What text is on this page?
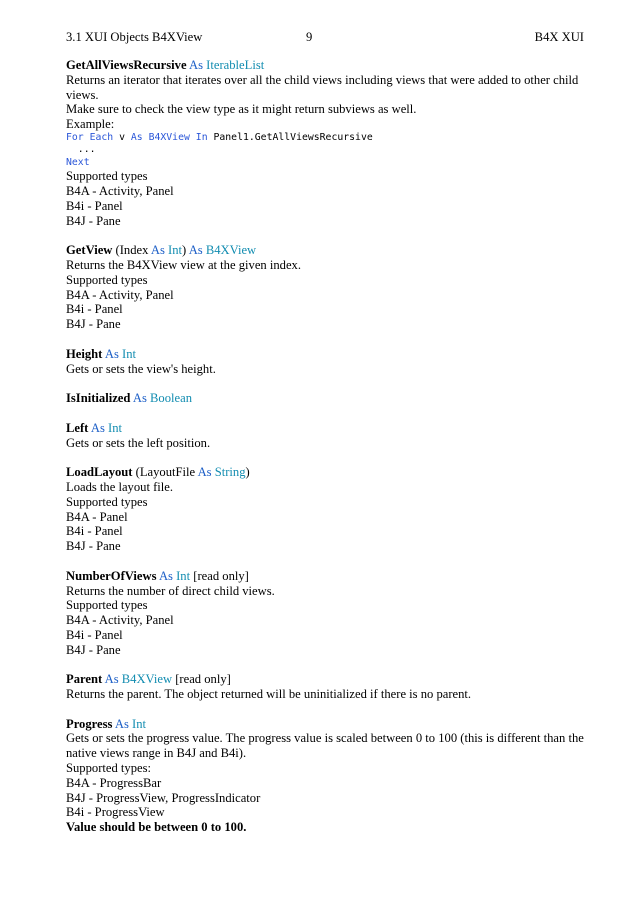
3.1 XUI Objects B4XView	9	B4X XUI
GetAllViewsRecursive As IterableList
Returns an iterator that iterates over all the child views including views that were added to other child views.
Make sure to check the view type as it might return subviews as well.
Example:
For Each v As B4XView In Panel1.GetAllViewsRecursive
...
Next
Supported types
B4A - Activity, Panel
B4i - Panel
B4J - Pane
GetView (Index As Int) As B4XView
Returns the B4XView view at the given index.
Supported types
B4A - Activity, Panel
B4i - Panel
B4J - Pane
Height As Int
Gets or sets the view's height.
IsInitialized As Boolean
Left As Int
Gets or sets the left position.
LoadLayout (LayoutFile As String)
Loads the layout file.
Supported types
B4A - Panel
B4i - Panel
B4J - Pane
NumberOfViews As Int [read only]
Returns the number of direct child views.
Supported types
B4A - Activity, Panel
B4i - Panel
B4J - Pane
Parent As B4XView [read only]
Returns the parent. The object returned will be uninitialized if there is no parent.
Progress As Int
Gets or sets the progress value. The progress value is scaled between 0 to 100 (this is different than the native views range in B4J and B4i).
Supported types:
B4A - ProgressBar
B4J - ProgressView, ProgressIndicator
B4i - ProgressView
Value should be between 0 to 100.
